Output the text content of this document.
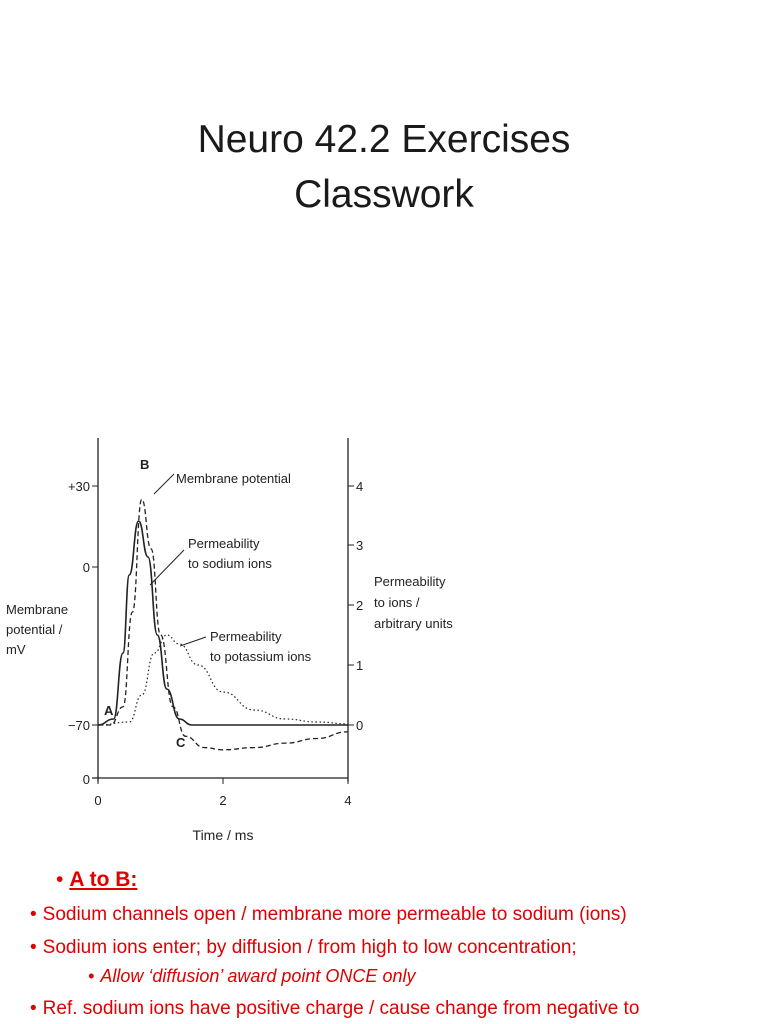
Neuro 42.2 Exercises
Classwork
+30
0
−70
0
4
3
2
1
0
0	2	4
Time / ms
Membrane
potential /
mV
Permeability
to ions /
arbitrary units
A
B
C
Membrane potential
Permeability
to sodium ions
Permeability
to potassium ions
• A to B:
• Sodium channels open / membrane more permeable to sodium (ions)
• Sodium ions enter; by diffusion / from high to low concentration;
• Allow ‘diffusion’ award point ONCE only
• Ref. sodium ions have positive charge / cause change from negative to
